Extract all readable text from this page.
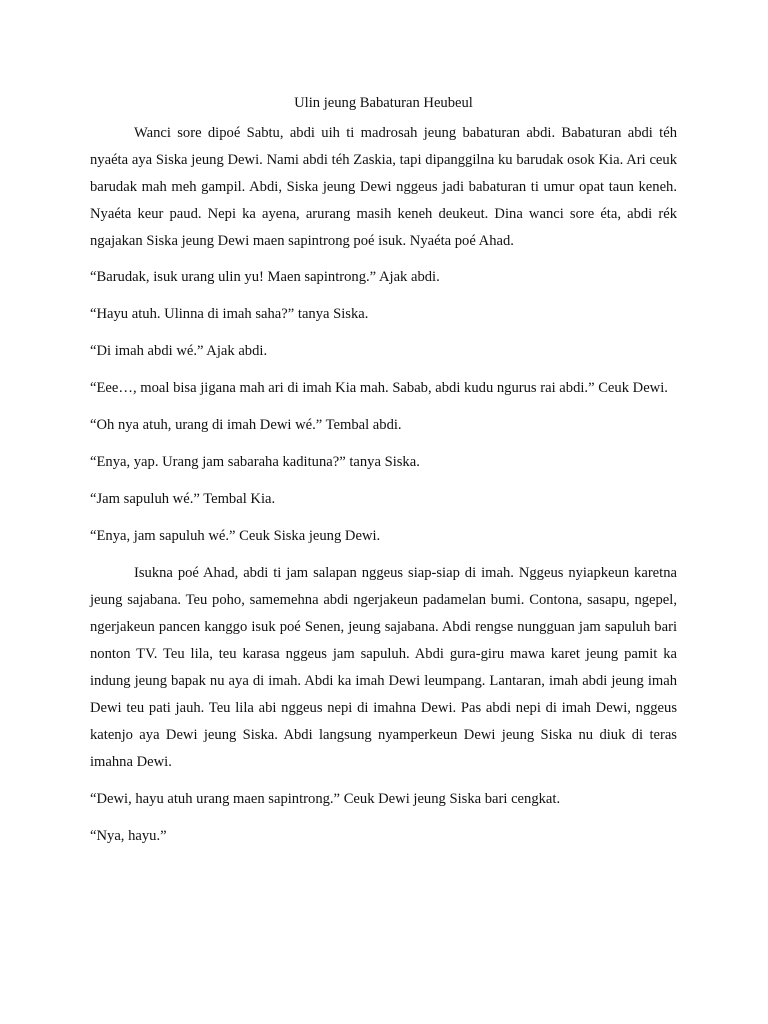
Ulin jeung Babaturan Heubeul

Wanci sore dipoé Sabtu, abdi uih ti madrosah jeung babaturan abdi. Babaturan abdi téh nyaéta aya Siska jeung Dewi. Nami abdi téh Zaskia, tapi dipanggilna ku barudak osok Kia. Ari ceuk barudak mah meh gampil. Abdi, Siska jeung Dewi nggeus jadi babaturan ti umur opat taun keneh. Nyaéta keur paud. Nepi ka ayena, arurang masih keneh deukeut. Dina wanci sore éta, abdi rék ngajakan Siska jeung Dewi maen sapintrong poé isuk. Nyaéta poé Ahad.

“Barudak, isuk urang ulin yu! Maen sapintrong.” Ajak abdi.

“Hayu atuh. Ulinna di imah saha?” tanya Siska.

“Di imah abdi wé.” Ajak abdi.

“Eee…, moal bisa jigana mah ari di imah Kia mah. Sabab, abdi kudu ngurus rai abdi.” Ceuk Dewi.

“Oh nya atuh, urang di imah Dewi wé.” Tembal abdi.

“Enya, yap. Urang jam sabaraha kadituna?” tanya Siska.

“Jam sapuluh wé.” Tembal Kia.

“Enya, jam sapuluh wé.” Ceuk Siska jeung Dewi.

Isukna poé Ahad, abdi ti jam salapan nggeus siap-siap di imah. Nggeus nyiapkeun karetna jeung sajabana. Teu poho, samemehna abdi ngerjakeun padamelan bumi. Contona, sasapu, ngepel, ngerjakeun pancen kanggo isuk poé Senen, jeung sajabana. Abdi rengse nungguan jam sapuluh bari nonton TV. Teu lila, teu karasa nggeus jam sapuluh. Abdi gura-giru mawa karet jeung pamit ka indung jeung bapak nu aya di imah. Abdi ka imah Dewi leumpang. Lantaran, imah abdi jeung imah Dewi teu pati jauh. Teu lila abi nggeus nepi di imahna Dewi. Pas abdi nepi di imah Dewi, nggeus katenjo aya Dewi jeung Siska. Abdi langsung nyamperkeun Dewi jeung Siska nu diuk di teras imahna Dewi.

“Dewi, hayu atuh urang maen sapintrong.” Ceuk Dewi jeung Siska bari cengkat.

“Nya, hayu.”
